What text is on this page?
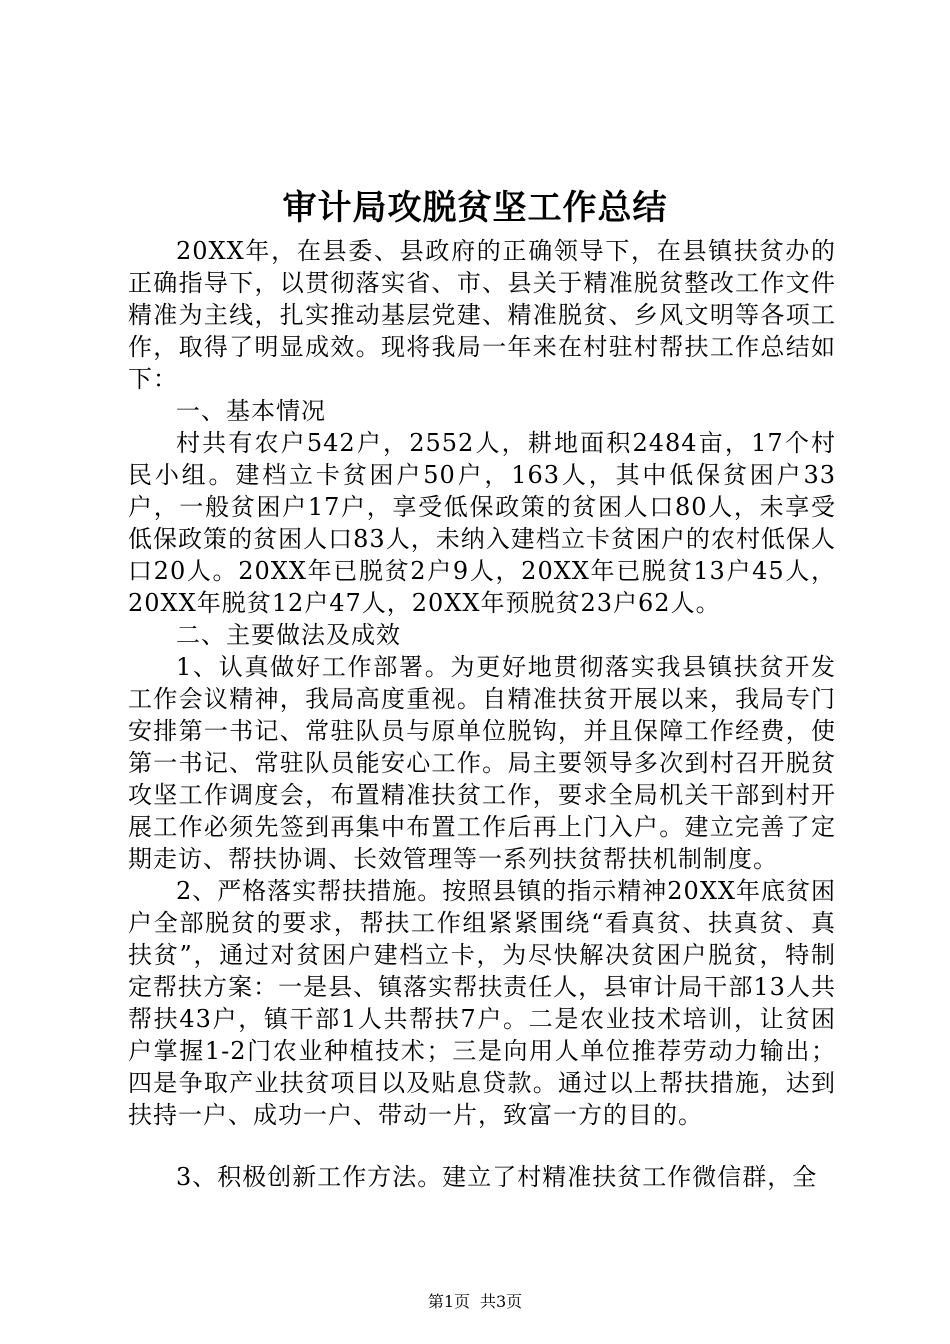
审计局攻脱贫坚工作总结

20XX年，在县委、县政府的正确领导下，在县镇扶贫办的正确指导下，以贯彻落实省、市、县关于精准脱贫整改工作文件精准为主线，扎实推动基层党建、精准脱贫、乡风文明等各项工作，取得了明显成效。现将我局一年来在村驻村帮扶工作总结如下：

一、基本情况

村共有农户542户，2552人，耕地面积2484亩，17个村民小组。建档立卡贫困户50户，163人，其中低保贫困户33户，一般贫困户17户，享受低保政策的贫困人口80人，未享受低保政策的贫困人口83人，未纳入建档立卡贫困户的农村低保人口20人。20XX年已脱贫2户9人，20XX年已脱贫13户45人，20XX年脱贫12户47人，20XX年预脱贫23户62人。

二、主要做法及成效

1、认真做好工作部署。为更好地贯彻落实我县镇扶贫开发工作会议精神，我局高度重视。自精准扶贫开展以来，我局专门安排第一书记、常驻队员与原单位脱钩，并且保障工作经费，使第一书记、常驻队员能安心工作。局主要领导多次到村召开脱贫攻坚工作调度会，布置精准扶贫工作，要求全局机关干部到村开展工作必须先签到再集中布置工作后再上门入户。建立完善了定期走访、帮扶协调、长效管理等一系列扶贫帮扶机制制度。

2、严格落实帮扶措施。按照县镇的指示精神20XX年底贫困户全部脱贫的要求，帮扶工作组紧紧围绕“看真贫、扶真贫、真扶贫”，通过对贫困户建档立卡，为尽快解决贫困户脱贫，特制定帮扶方案：一是县、镇落实帮扶责任人，县审计局干部13人共帮扶43户，镇干部1人共帮扶7户。二是农业技术培训，让贫困户掌握1-2门农业种植技术；三是向用人单位推荐劳动力输出；四是争取产业扶贫项目以及贴息贷款。通过以上帮扶措施，达到扶持一户、成功一户、带动一片，致富一方的目的。

3、积极创新工作方法。建立了村精准扶贫工作微信群，全

第1页 共3页
